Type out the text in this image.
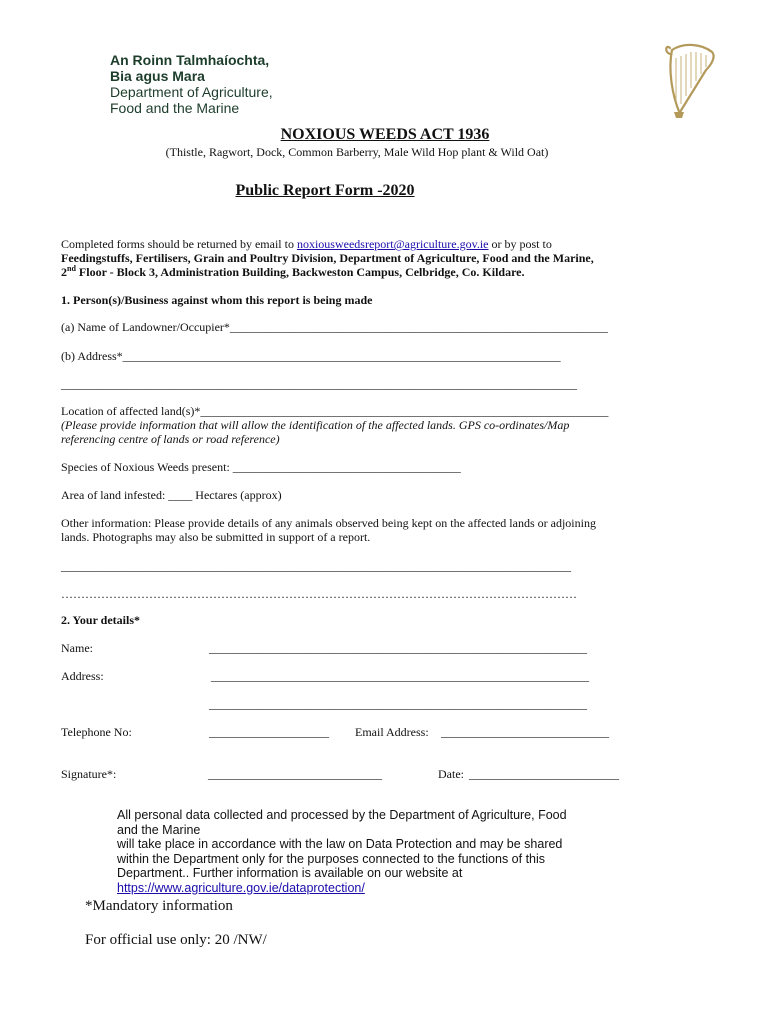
An Roinn Talmhaíochta,
Bia agus Mara
Department of Agriculture,
Food and the Marine
NOXIOUS WEEDS ACT 1936
(Thistle, Ragwort, Dock, Common Barberry, Male Wild Hop plant & Wild Oat)
Public Report Form -2020
Completed forms should be returned by email to noxiousweedsreport@agriculture.gov.ie or by post to
Feedingstuffs, Fertilisers, Grain and Poultry Division, Department of Agriculture, Food and the Marine,
2nd Floor - Block 3, Administration Building, Backweston Campus, Celbridge, Co. Kildare.
1. Person(s)/Business against whom this report is being made
(a) Name of Landowner/Occupier*_______________________________________________________________
(b) Address*_________________________________________________________________________
______________________________________________________________________________________
Location of affected land(s)*____________________________________________________________________
(Please provide information that will allow the identification of the affected lands. GPS co-ordinates/Map
referencing centre of lands or road reference)
Species of Noxious Weeds present: ______________________________________
Area of land infested: ____ Hectares (approx)
Other information: Please provide details of any animals observed being kept on the affected lands or adjoining
lands. Photographs may also be submitted in support of a report.
_____________________________________________________________________________________
…………………………………………………………………………………………………………………
2. Your details*
Name:	_______________________________________________________________
Address:	_______________________________________________________________
_______________________________________________________________
Telephone No:	____________________ Email Address: ____________________________
Signature*:	_____________________________	Date: _________________________
All personal data collected and processed by the Department of Agriculture, Food
and the Marine
will take place in accordance with the law on Data Protection and may be shared
within the Department only for the purposes connected to the functions of this
Department.. Further information is available on our website at
https://www.agriculture.gov.ie/dataprotection/
*Mandatory information
For official use only: 20 /NW/
